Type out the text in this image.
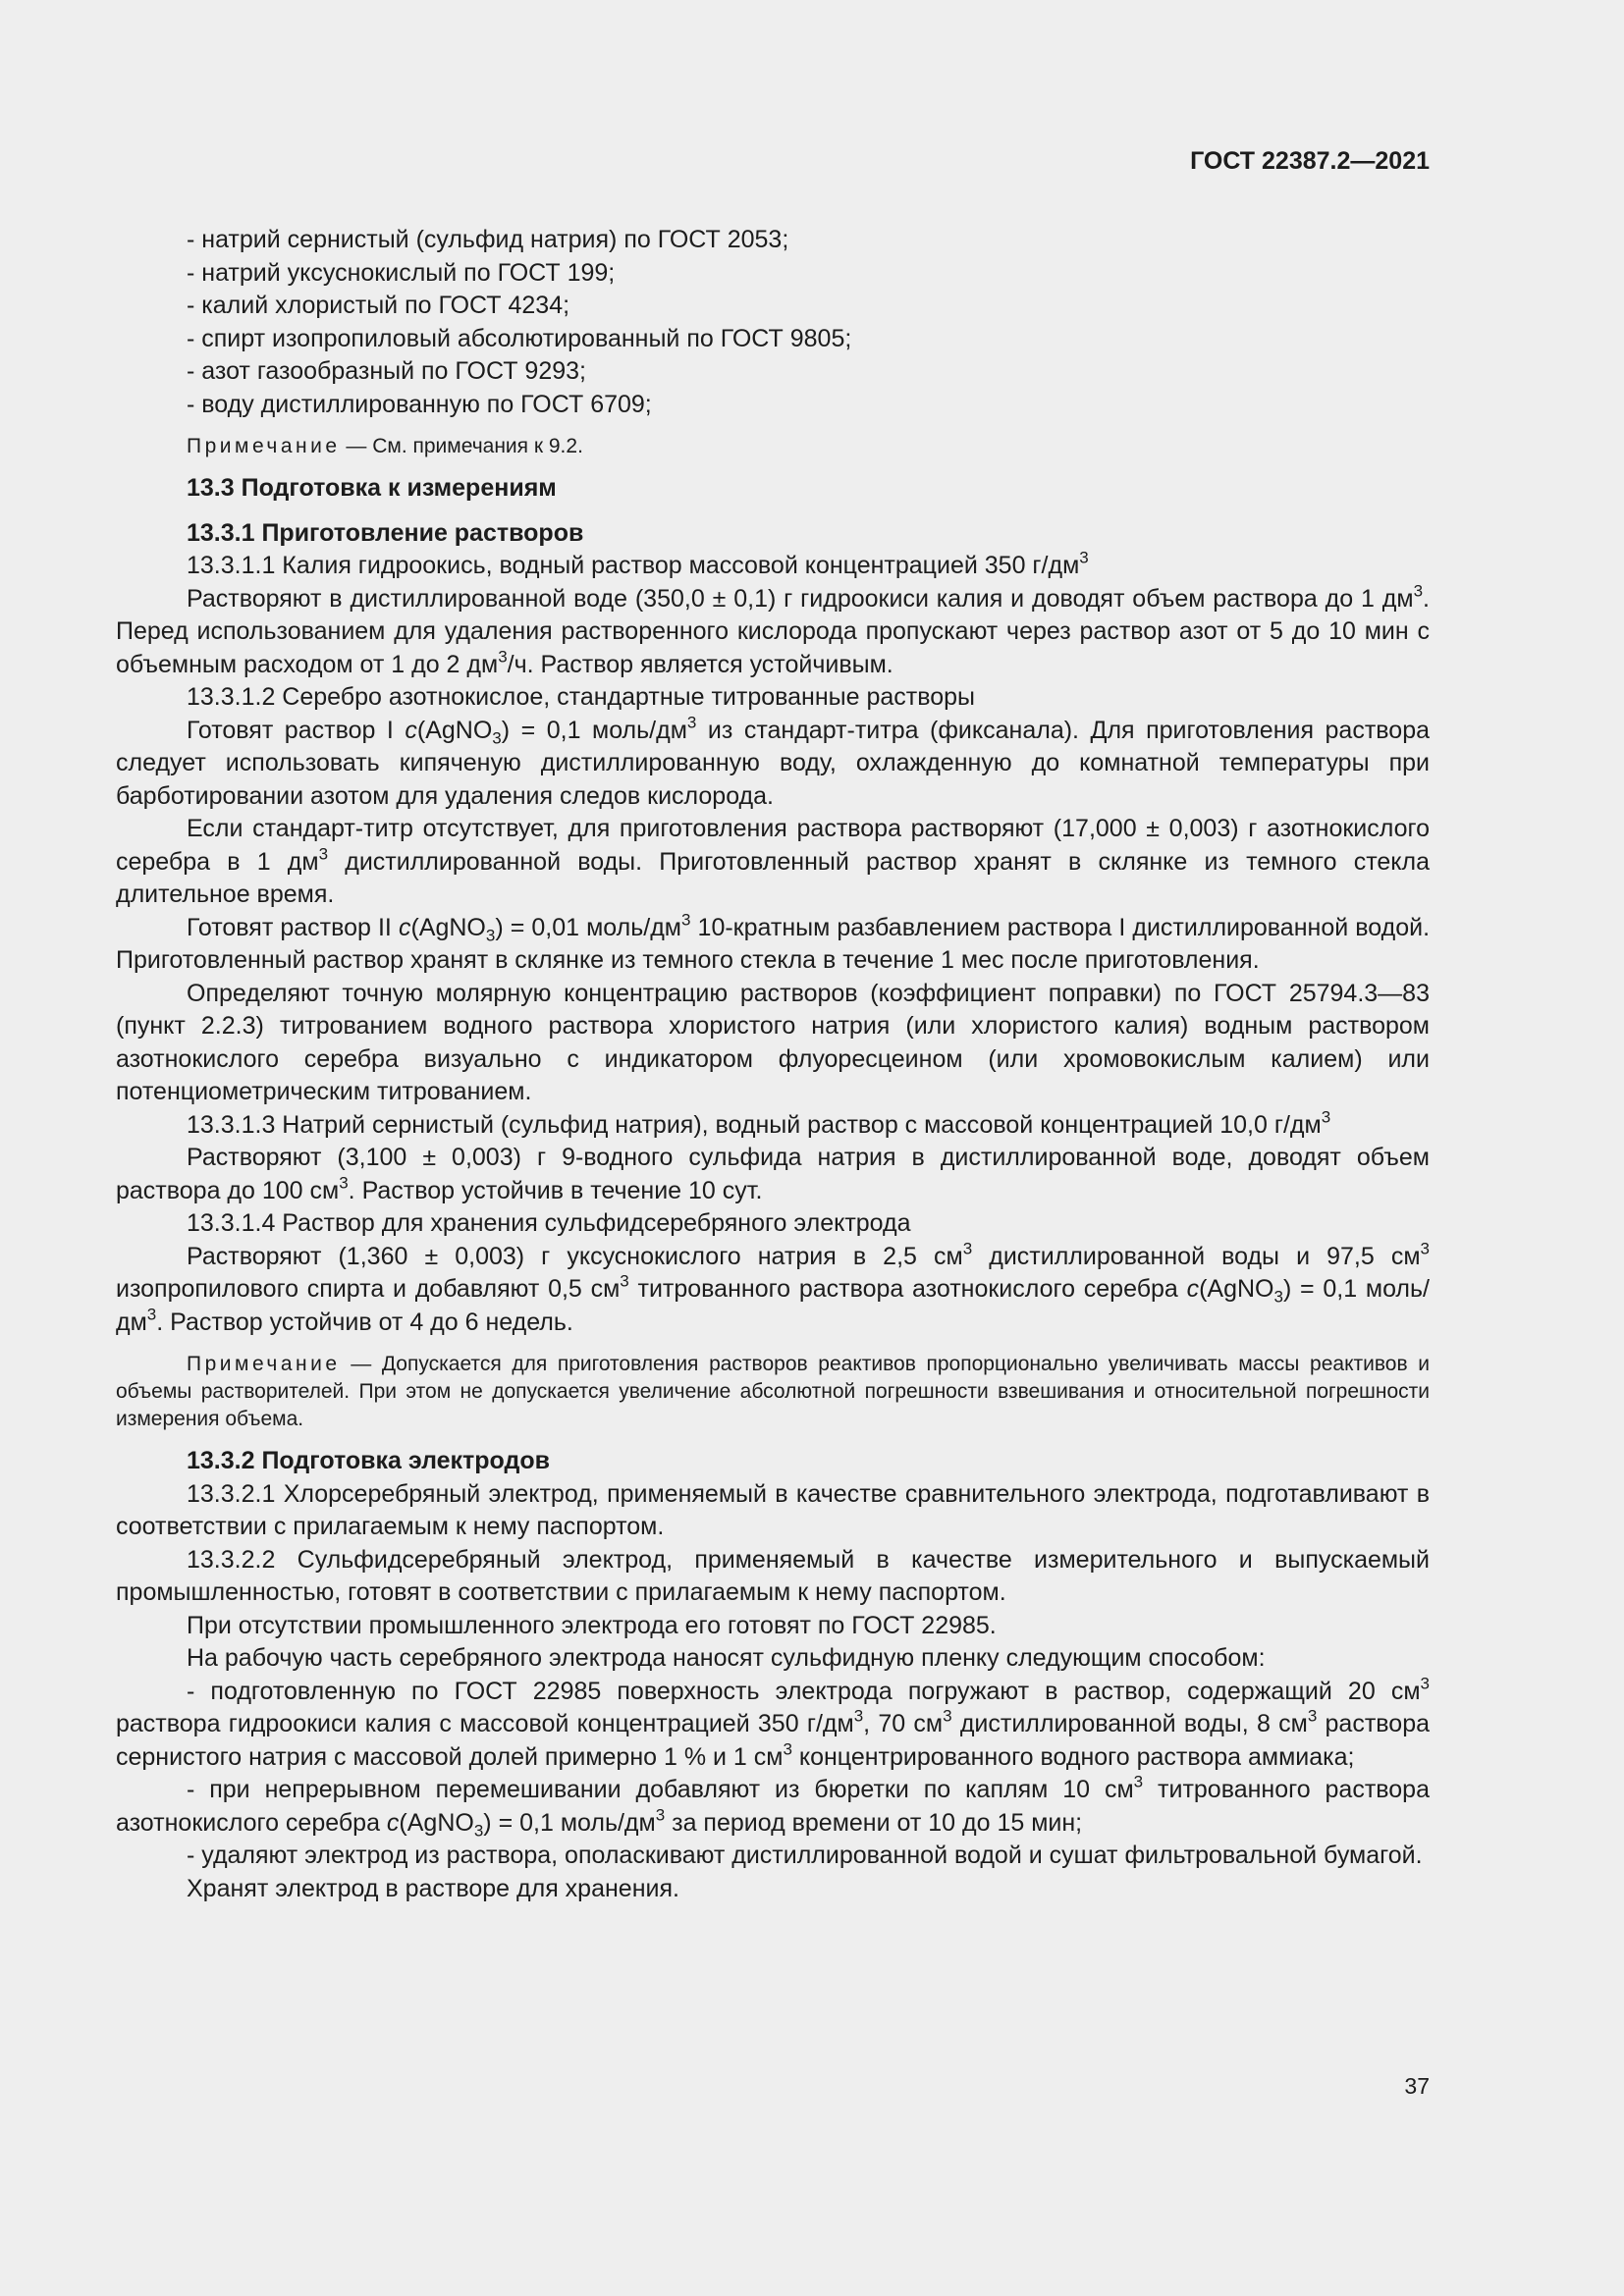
ГОСТ 22387.2—2021

- натрий сернистый (сульфид натрия) по ГОСТ 2053;

- натрий уксуснокислый по ГОСТ 199;

- калий хлористый по ГОСТ 4234;

- спирт изопропиловый абсолютированный по ГОСТ 9805;

- азот газообразный по ГОСТ 9293;

- воду дистиллированную по ГОСТ 6709;

Примечание — См. примечания к 9.2.

13.3 Подготовка к измерениям

13.3.1 Приготовление растворов

13.3.1.1 Калия гидроокись, водный раствор массовой концентрацией 350 $г/дм^3$

Растворяют в дистиллированной воде (350,0 ± 0,1) г гидроокиси калия и доводят объем раствора до 1 $дм^3$. Перед использованием для удаления растворенного кислорода пропускают через раствор азот от 5 до 10 мин с объемным расходом от 1 до 2 $дм^3/ч$. Раствор является устойчивым.

13.3.1.2 Серебро азотнокислое, стандартные титрованные растворы

Готовят раствор I c(AgNO$_3$) = 0,1 моль/$дм^3$ из стандарт-титра (фиксанала). Для приготовления раствора следует использовать кипяченую дистиллированную воду, охлажденную до комнатной температуры при барботировании азотом для удаления следов кислорода.

Если стандарт-титр отсутствует, для приготовления раствора растворяют (17,000 ± 0,003) г азотнокислого серебра в 1 $дм^3$ дистиллированной воды. Приготовленный раствор хранят в склянке из темного стекла длительное время.

Готовят раствор II c(AgNO$_3$) = 0,01 моль/$дм^3$ 10-кратным разбавлением раствора I дистиллированной водой. Приготовленный раствор хранят в склянке из темного стекла в течение 1 мес после приготовления.

Определяют точную молярную концентрацию растворов (коэффициент поправки) по ГОСТ 25794.3—83 (пункт 2.2.3) титрованием водного раствора хлористого натрия (или хлористого калия) водным раствором азотнокислого серебра визуально с индикатором флуоресцеином (или хромовокислым калием) или потенциометрическим титрованием.

13.3.1.3 Натрий сернистый (сульфид натрия), водный раствор с массовой концентрацией 10,0 $г/дм^3$

Растворяют (3,100 ± 0,003) г 9-водного сульфида натрия в дистиллированной воде, доводят объем раствора до 100 $см^3$. Раствор устойчив в течение 10 сут.

13.3.1.4 Раствор для хранения сульфидсеребряного электрода

Растворяют (1,360 ± 0,003) г уксуснокислого натрия в 2,5 $см^3$ дистиллированной воды и 97,5 $см^3$ изопропилового спирта и добавляют 0,5 $см^3$ титрованного раствора азотнокислого серебра c(AgNO$_3$) = 0,1 моль/$дм^3$. Раствор устойчив от 4 до 6 недель.

Примечание — Допускается для приготовления растворов реактивов пропорционально увеличивать массы реактивов и объемы растворителей. При этом не допускается увеличение абсолютной погрешности взвешивания и относительной погрешности измерения объема.

13.3.2 Подготовка электродов

13.3.2.1 Хлорсеребряный электрод, применяемый в качестве сравнительного электрода, подготавливают в соответствии с прилагаемым к нему паспортом.

13.3.2.2 Сульфидсеребряный электрод, применяемый в качестве измерительного и выпускаемый промышленностью, готовят в соответствии с прилагаемым к нему паспортом.

При отсутствии промышленного электрода его готовят по ГОСТ 22985.

На рабочую часть серебряного электрода наносят сульфидную пленку следующим способом:

- подготовленную по ГОСТ 22985 поверхность электрода погружают в раствор, содержащий 20 $см^3$ раствора гидроокиси калия с массовой концентрацией 350 $г/дм^3$, 70 $см^3$ дистиллированной воды, 8 $см^3$ раствора сернистого натрия с массовой долей примерно 1 % и 1 $см^3$ концентрированного водного раствора аммиака;

- при непрерывном перемешивании добавляют из бюретки по каплям 10 $см^3$ титрованного раствора азотнокислого серебра c(AgNO$_3$) = 0,1 моль/$дм^3$ за период времени от 10 до 15 мин;

- удаляют электрод из раствора, ополаскивают дистиллированной водой и сушат фильтровальной бумагой.

Хранят электрод в растворе для хранения.

37
